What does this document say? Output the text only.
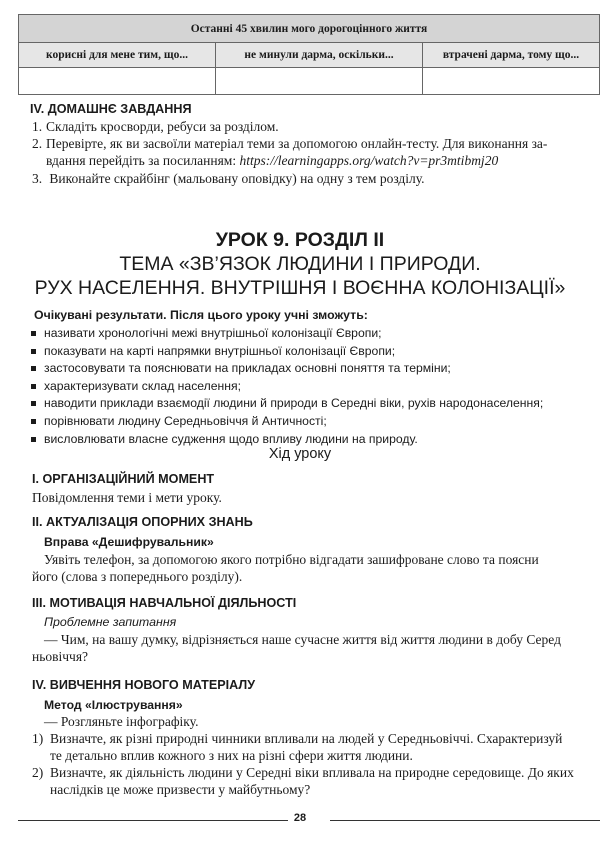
Останні 45 хвилин мого дорогоцінного життя		
корисні для мене тим, що...	не минули дарма, оскільки...	втрачені дарма, тому що...

IV. ДОМАШНЄ ЗАВДАННЯ
1. Складіть кросворди, ребуси за розділом.
2. Перевірте, як ви засвоїли матеріал теми за допомогою онлайн-тесту. Для виконання за-
вдання перейдіть за посиланням: https://learningapps.org/watch?v=pr3mtibmj20
3. Виконайте скрайбінг (мальовану оповідку) на одну з тем розділу.
УРОК 9. РОЗДІЛ ІІ
ТЕМА «ЗВ’ЯЗОК ЛЮДИНИ І ПРИРОДИ.
РУХ НАСЕЛЕННЯ. ВНУТРІШНЯ І ВОЄННА КОЛОНІЗАЦІЇ»
Очікувані результати. Після цього уроку учні зможуть:
називати хронологічні межі внутрішньої колонізації Європи;
показувати на карті напрямки внутрішньої колонізації Європи;
застосовувати та пояснювати на прикладах основні поняття та терміни;
характеризувати склад населення;
наводити приклади взаємодії людини й природи в Середні віки, рухів народонаселення;
порівнювати людину Середньовіччя й Античності;
висловлювати власне судження щодо впливу людини на природу.
Хід уроку
I. ОРГАНІЗАЦІЙНИЙ МОМЕНТ
Повідомлення теми і мети уроку.
II. АКТУАЛІЗАЦІЯ ОПОРНИХ ЗНАНЬ
Вправа «Дешифрувальник»
Уявіть телефон, за допомогою якого потрібно відгадати зашифроване слово та поясни
його (слова з попереднього розділу).
III. МОТИВАЦІЯ НАВЧАЛЬНОЇ ДІЯЛЬНОСТІ
Проблемне запитання
— Чим, на вашу думку, відрізняється наше сучасне життя від життя людини в добу Серед
ньовіччя?
IV. ВИВЧЕННЯ НОВОГО МАТЕРІАЛУ
Метод «Ілюстрування»
— Розгляньте інфографіку.
1) Визначте, як різні природні чинники впливали на людей у Середньовіччі. Схарактеризуй
те детально вплив кожного з них на різні сфери життя людини.
2) Визначте, як діяльність людини у Середні віки впливала на природне середовище. До яких
наслідків це може призвести у майбутньому?
28
